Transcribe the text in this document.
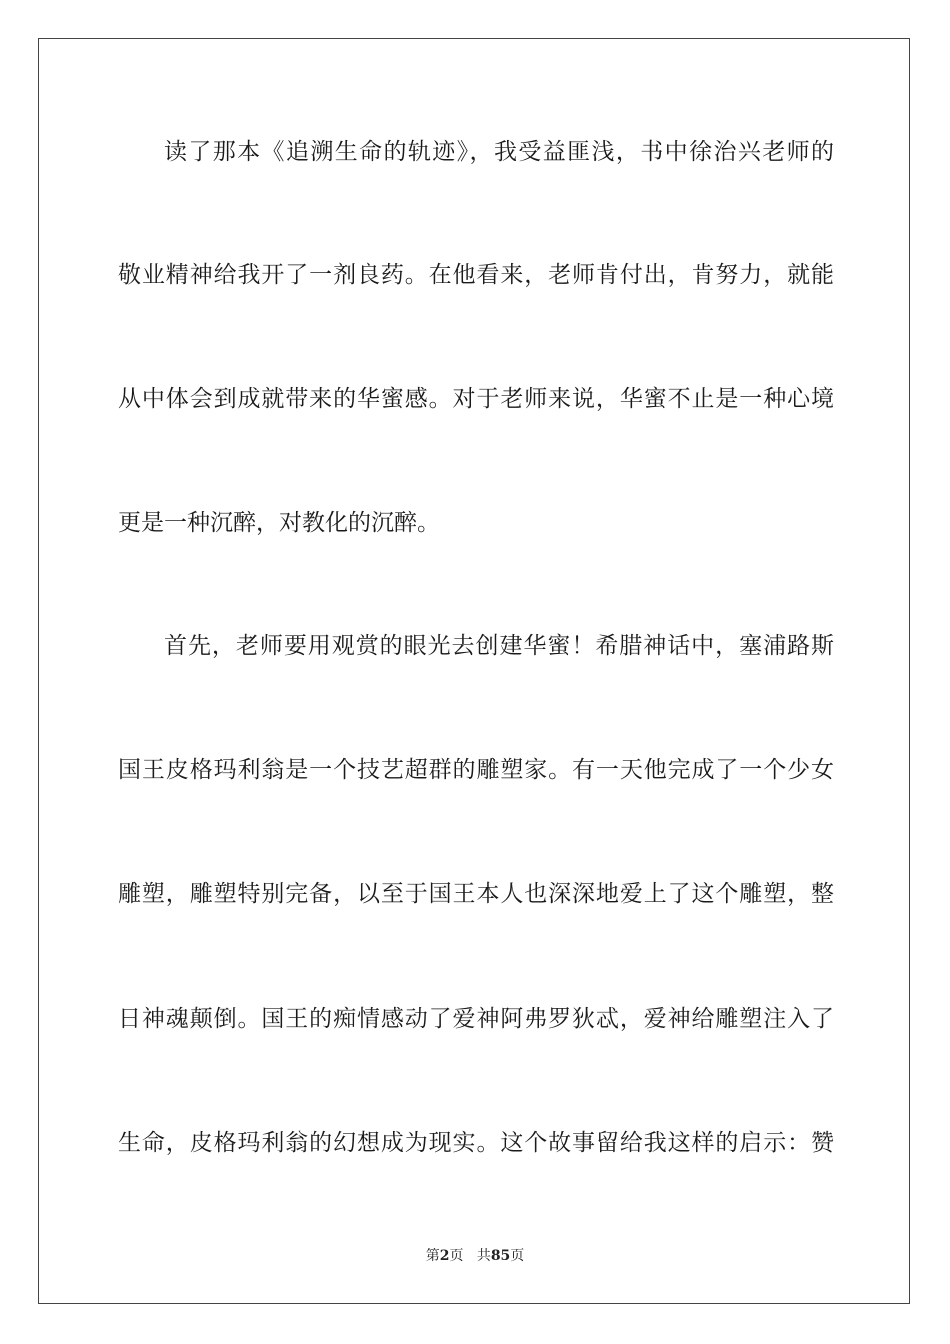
读了那本《追溯生命的轨迹》，我受益匪浅，书中徐治兴老师的
敬业精神给我开了一剂良药。在他看来，老师肯付出，肯努力，就能
从中体会到成就带来的华蜜感。对于老师来说，华蜜不止是一种心境
更是一种沉醉，对教化的沉醉。
首先，老师要用观赏的眼光去创建华蜜！希腊神话中，塞浦路斯
国王皮格玛利翁是一个技艺超群的雕塑家。有一天他完成了一个少女
雕塑，雕塑特别完备，以至于国王本人也深深地爱上了这个雕塑，整
日神魂颠倒。国王的痴情感动了爱神阿弗罗狄忒，爱神给雕塑注入了
生命，皮格玛利翁的幻想成为现实。这个故事留给我这样的启示：赞
第2页 共85页
